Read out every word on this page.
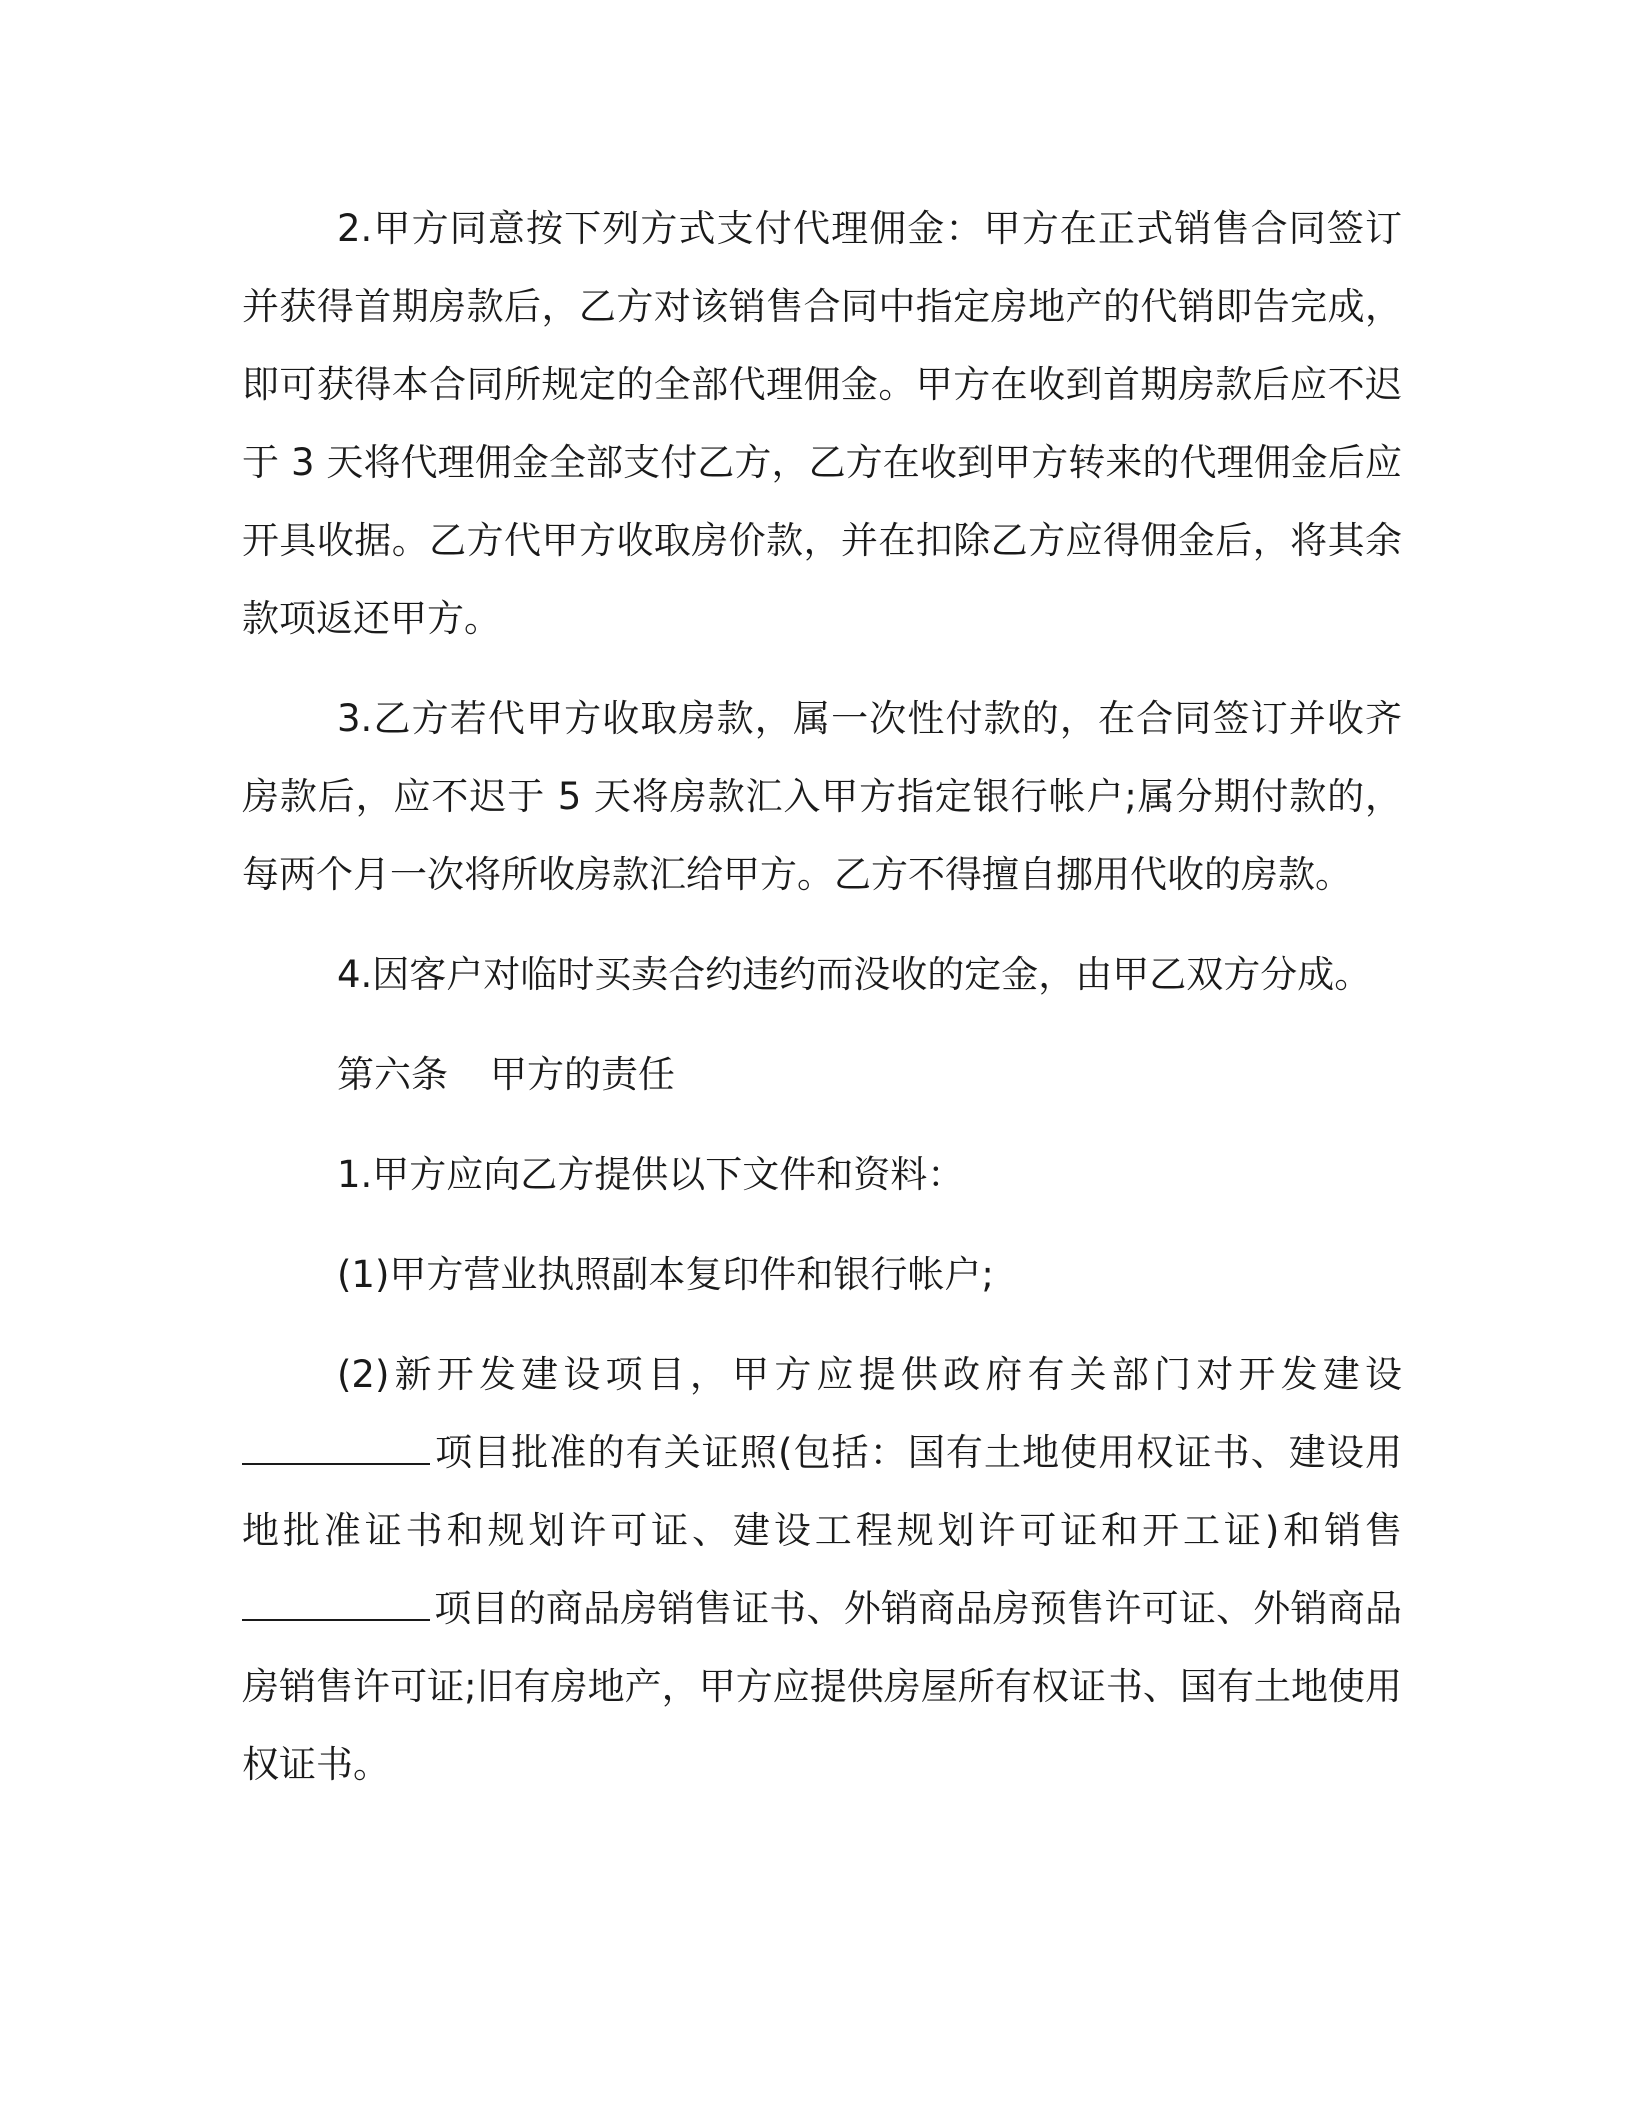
2.甲方同意按下列方式支付代理佣金：甲方在正式销售合同签订并获得首期房款后，乙方对该销售合同中指定房地产的代销即告完成，即可获得本合同所规定的全部代理佣金。甲方在收到首期房款后应不迟于 3 天将代理佣金全部支付乙方，乙方在收到甲方转来的代理佣金后应开具收据。乙方代甲方收取房价款，并在扣除乙方应得佣金后，将其余款项返还甲方。

3.乙方若代甲方收取房款，属一次性付款的，在合同签订并收齐房款后，应不迟于 5 天将房款汇入甲方指定银行帐户;属分期付款的，每两个月一次将所收房款汇给甲方。乙方不得擅自挪用代收的房款。

4.因客户对临时买卖合约违约而没收的定金，由甲乙双方分成。

第六条 甲方的责任

1.甲方应向乙方提供以下文件和资料：

(1)甲方营业执照副本复印件和银行帐户;

(2)新开发建设项目，甲方应提供政府有关部门对开发建设项目批准的有关证照(包括：国有土地使用权证书、建设用地批准证书和规划许可证、建设工程规划许可证和开工证)和销售项目的商品房销售证书、外销商品房预售许可证、外销商品房销售许可证;旧有房地产，甲方应提供房屋所有权证书、国有土地使用权证书。
